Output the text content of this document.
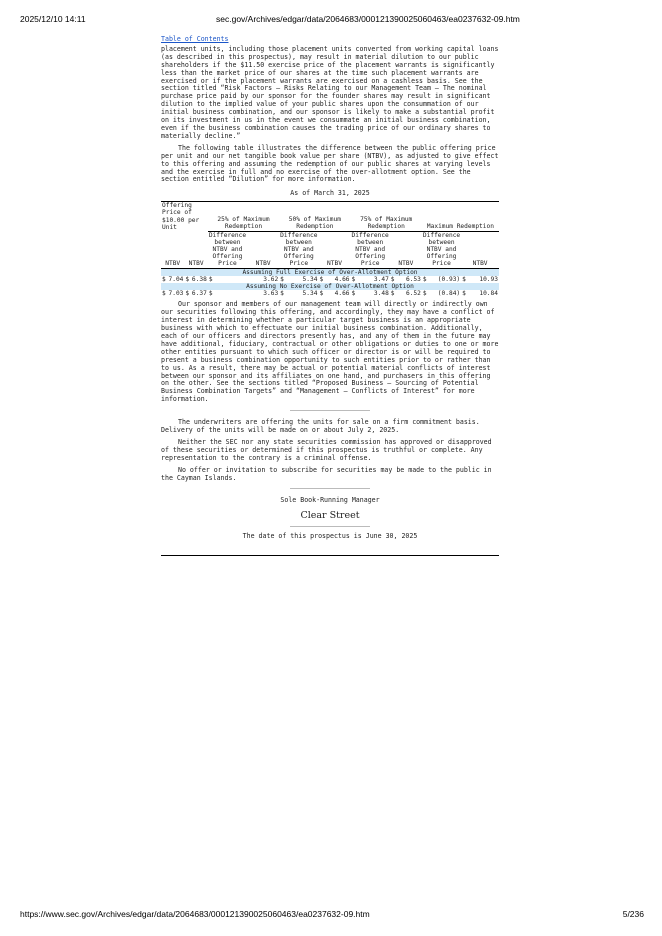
2025/12/10 14:11	sec.gov/Archives/edgar/data/2064683/000121390025060463/ea0237632-09.htm
Table of Contents

placement units, including those placement units converted from working capital loans (as described in this prospectus), may result in material dilution to our public shareholders if the $11.50 exercise price of the placement warrants is significantly less than the market price of our shares at the time such placement warrants are exercised or if the placement warrants are exercised on a cashless basis. See the section titled “Risk Factors — Risks Relating to our Management Team — The nominal purchase price paid by our sponsor for the founder shares may result in significant dilution to the implied value of your public shares upon the consummation of our initial business combination, and our sponsor is likely to make a substantial profit on its investment in us in the event we consummate an initial business combination, even if the business combination causes the trading price of our ordinary shares to materially decline.”

The following table illustrates the difference between the public offering price per unit and our net tangible book value per share (NTBV), as adjusted to give effect to this offering and assuming the redemption of our public shares at varying levels and the exercise in full and no exercise of the over-allotment option. See the section entitled “Dilution” for more information.

As of March 31, 2025
Offering Price of $10.00 per Unit		25% of Maximum Redemption		50% of Maximum Redemption		75% of Maximum Redemption		Maximum Redemption	
NTBV	NTBV	Difference between NTBV and Offering Price	NTBV	Difference between NTBV and Offering Price	NTBV	Difference between NTBV and Offering Price	NTBV	Difference between NTBV and Offering Price	NTBV
Assuming Full Exercise of Over-Allotment Option									
$ 7.04	$ 6.38	$	3.62	$ 5.34	$ 4.66	$ 3.47	$ 6.53	$ (0.93)	$ 10.93
Assuming No Exercise of Over-Allotment Option									
$ 7.03	$ 6.37	$	3.63	$ 5.34	$ 4.66	$ 3.48	$ 6.52	$ (0.84)	$ 10.84

Our sponsor and members of our management team will directly or indirectly own our securities following this offering, and accordingly, they may have a conflict of interest in determining whether a particular target business is an appropriate business with which to effectuate our initial business combination. Additionally, each of our officers and directors presently has, and any of them in the future may have additional, fiduciary, contractual or other obligations or duties to one or more other entities pursuant to which such officer or director is or will be required to present a business combination opportunity to such entities prior to or rather than to us. As a result, there may be actual or potential material conflicts of interest between our sponsor and its affiliates on one hand, and purchasers in this offering on the other. See the sections titled “Proposed Business — Sourcing of Potential Business Combination Targets” and “Management — Conflicts of Interest” for more information.

The underwriters are offering the units for sale on a firm commitment basis. Delivery of the units will be made on or about July 2, 2025.

Neither the SEC nor any state securities commission has approved or disapproved of these securities or determined if this prospectus is truthful or complete. Any representation to the contrary is a criminal offense.

No offer or invitation to subscribe for securities may be made to the public in the Cayman Islands.

Sole Book-Running Manager
Clear Street
The date of this prospectus is June 30, 2025
https://www.sec.gov/Archives/edgar/data/2064683/000121390025060463/ea0237632-09.htm	5/236
